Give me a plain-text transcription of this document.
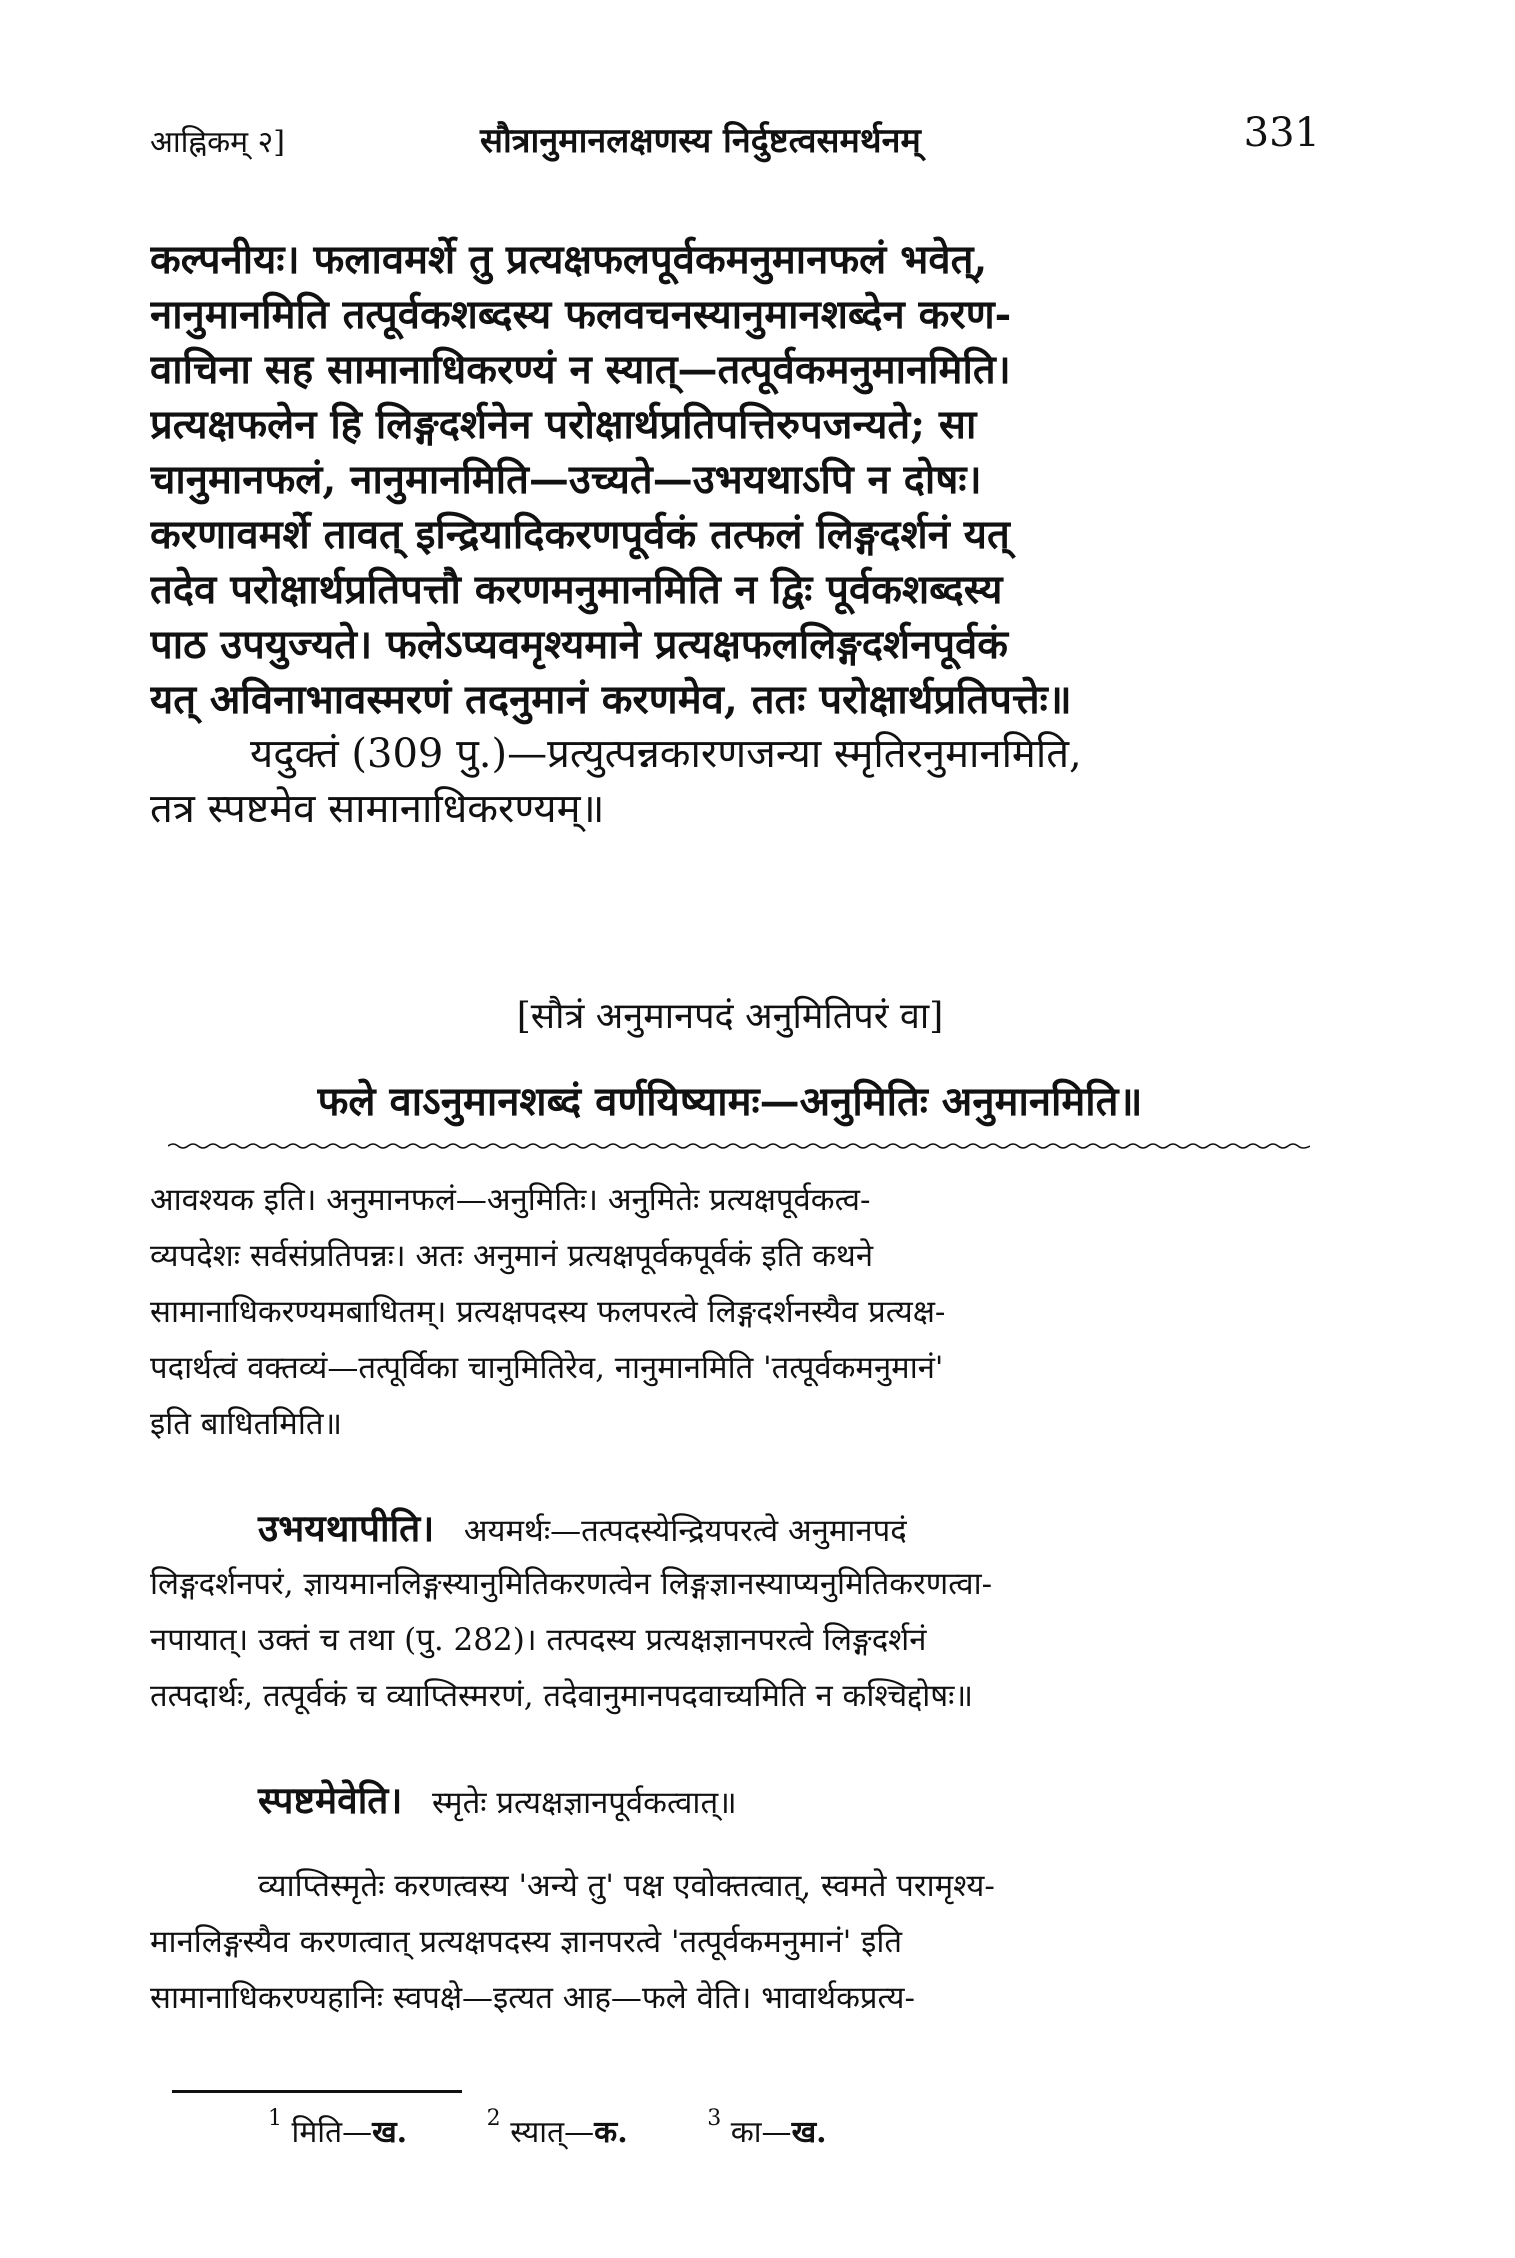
आह्निकम् २]	सौत्रानुमानलक्षणस्य निर्दुष्टत्वसमर्थनम्	331
कल्पनीयः। फलावमर्शे तु प्रत्यक्षफलपूर्वकमनुमानफलं भवेत्,
नानुमानमिति तत्पूर्वकशब्दस्य फलवचनस्यानुमानशब्देन करण-
वाचिना सह सामानाधिकरण्यं न स्यात्—तत्पूर्वकमनुमानमिति।
प्रत्यक्षफलेन हि लिङ्गदर्शनेन परोक्षार्थप्रतिपत्तिरुपजन्यते; सा
चानुमानफलं, नानुमानमिति—उच्यते—उभयथाऽपि न दोषः।
करणावमर्शे तावत् इन्द्रियादिकरणपूर्वकं तत्फलं लिङ्गदर्शनं यत्
तदेव परोक्षार्थप्रतिपत्तौ करणमनुमानमिति न द्विः पूर्वकशब्दस्य
पाठ उपयुज्यते। फलेऽप्यवमृश्यमाने प्रत्यक्षफललिङ्गदर्शनपूर्वकं
यत् अविनाभावस्मरणं तदनुमानं करणमेव, ततः परोक्षार्थप्रतिपत्तेः॥
यदुक्तं (309 पु.)—प्रत्युत्पन्नकारणजन्या स्मृतिरनुमानमिति,
तत्र स्पष्टमेव सामानाधिकरण्यम्॥
[सौत्रं अनुमानपदं अनुमितिपरं वा]
फले वाऽनुमानशब्दं वर्णयिष्यामः—अनुमितिः अनुमानमिति॥
आवश्यक इति। अनुमानफलं—अनुमितिः। अनुमितेः प्रत्यक्षपूर्वकत्व-
व्यपदेशः सर्वसंप्रतिपन्नः। अतः अनुमानं प्रत्यक्षपूर्वकपूर्वकं इति कथने
सामानाधिकरण्यमबाधितम्। प्रत्यक्षपदस्य फलपरत्वे लिङ्गदर्शनस्यैव प्रत्यक्ष-
पदार्थत्वं वक्तव्यं—तत्पूर्विका चानुमितिरेव, नानुमानमिति 'तत्पूर्वकमनुमानं'
इति बाधितमिति॥
उभयथापीति। अयमर्थः—तत्पदस्येन्द्रियपरत्वे अनुमानपदं
लिङ्गदर्शनपरं, ज्ञायमानलिङ्गस्यानुमितिकरणत्वेन लिङ्गज्ञानस्याप्यनुमितिकरणत्वा-
नपायात्। उक्तं च तथा (पु. 282)। तत्पदस्य प्रत्यक्षज्ञानपरत्वे लिङ्गदर्शनं
तत्पदार्थः, तत्पूर्वकं च व्याप्तिस्मरणं, तदेवानुमानपदवाच्यमिति न कश्चिद्दोषः॥
स्पष्टमेवेति। स्मृतेः प्रत्यक्षज्ञानपूर्वकत्वात्॥
व्याप्तिस्मृतेः करणत्वस्य 'अन्ये तु' पक्ष एवोक्तत्वात्, स्वमते परामृश्य-
मानलिङ्गस्यैव करणत्वात् प्रत्यक्षपदस्य ज्ञानपरत्वे 'तत्पूर्वकमनुमानं' इति
सामानाधिकरण्यहानिः स्वपक्षे—इत्यत आह—फले वेति। भावार्थकप्रत्य-
$^1$ मिति—ख.	$^2$ स्यात्—क.	$^3$ का—ख.
